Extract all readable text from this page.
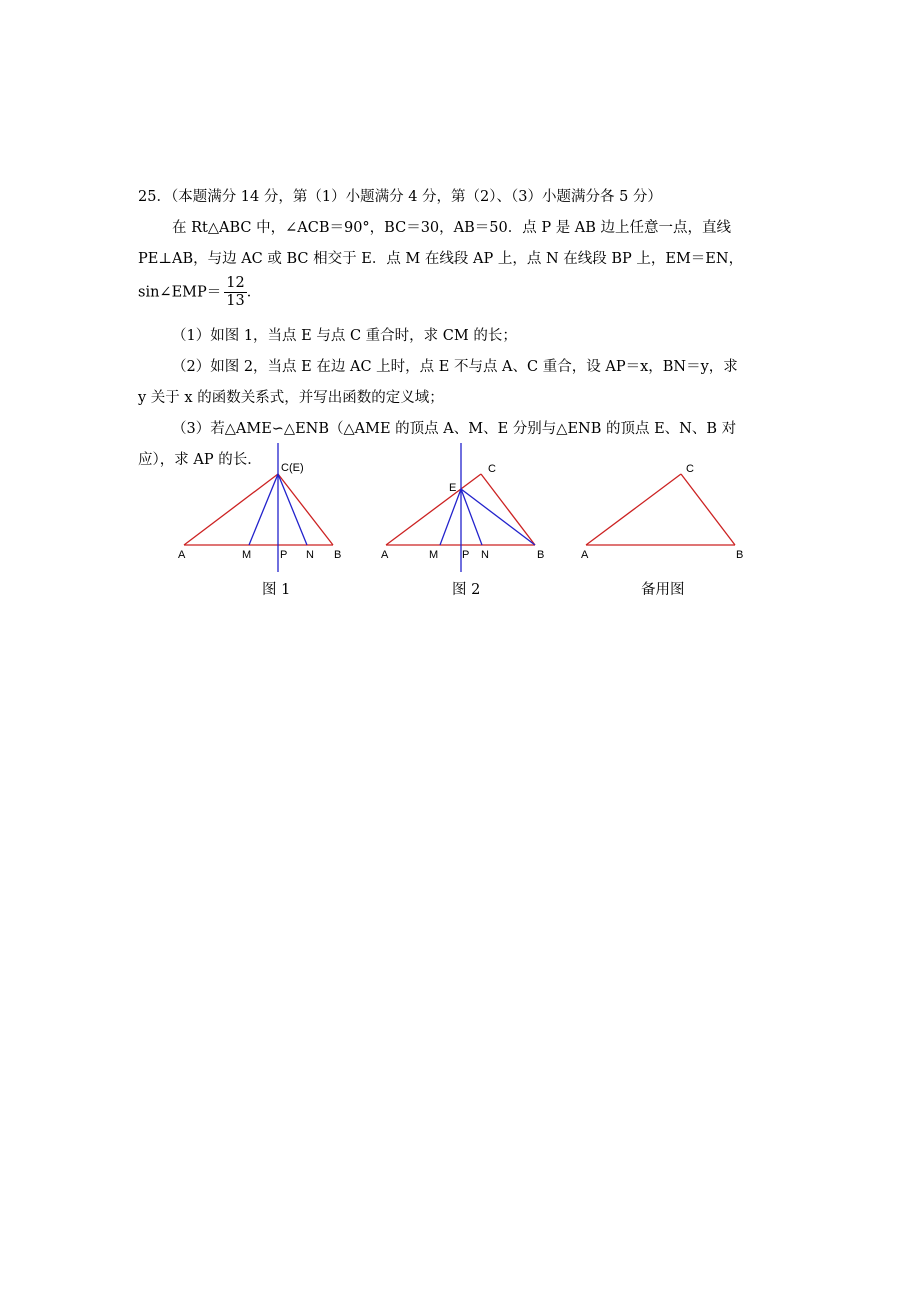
25．（本题满分 14 分，第（1）小题满分 4 分，第（2）、（3）小题满分各 5 分）
在 Rt△ABC 中，∠ACB＝90°，BC＝30，AB＝50．点 P 是 AB 边上任意一点，直线
PE⊥AB，与边 AC 或 BC 相交于 E．点 M 在线段 AP 上，点 N 在线段 BP 上，EM＝EN，
sin∠EMP＝ $\frac{12}{13}$ ．
（1）如图 1，当点 E 与点 C 重合时，求 CM 的长；
（2）如图 2，当点 E 在边 AC 上时，点 E 不与点 A、C 重合，设 AP＝x，BN＝y，求
y 关于 x 的函数关系式，并写出函数的定义域；
（3）若△AME∽△ENB（△AME 的顶点 A、M、E 分别与△ENB 的顶点 E、N、B 对
应），求 AP 的长．
A	M	P N B
C(E)
A	M P N	B
C
E
A	B
C
图 1	图 2	备用图
